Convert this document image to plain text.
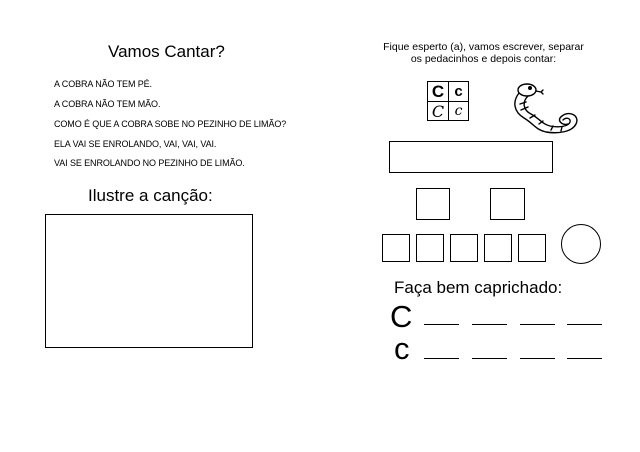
Vamos Cantar?
A COBRA NÃO TEM PÉ.
A COBRA NÃO TEM MÃO.
COMO É QUE A COBRA SOBE NO PEZINHO DE LIMÃO?
ELA VAI SE ENROLANDO, VAI, VAI, VAI.
VAI SE ENROLANDO NO PEZINHO DE LIMÃO.
Ilustre a canção:
Fique esperto (a), vamos escrever, separar
os pedacinhos e depois contar:
C c
C c
Faça bem caprichado:
C
c
